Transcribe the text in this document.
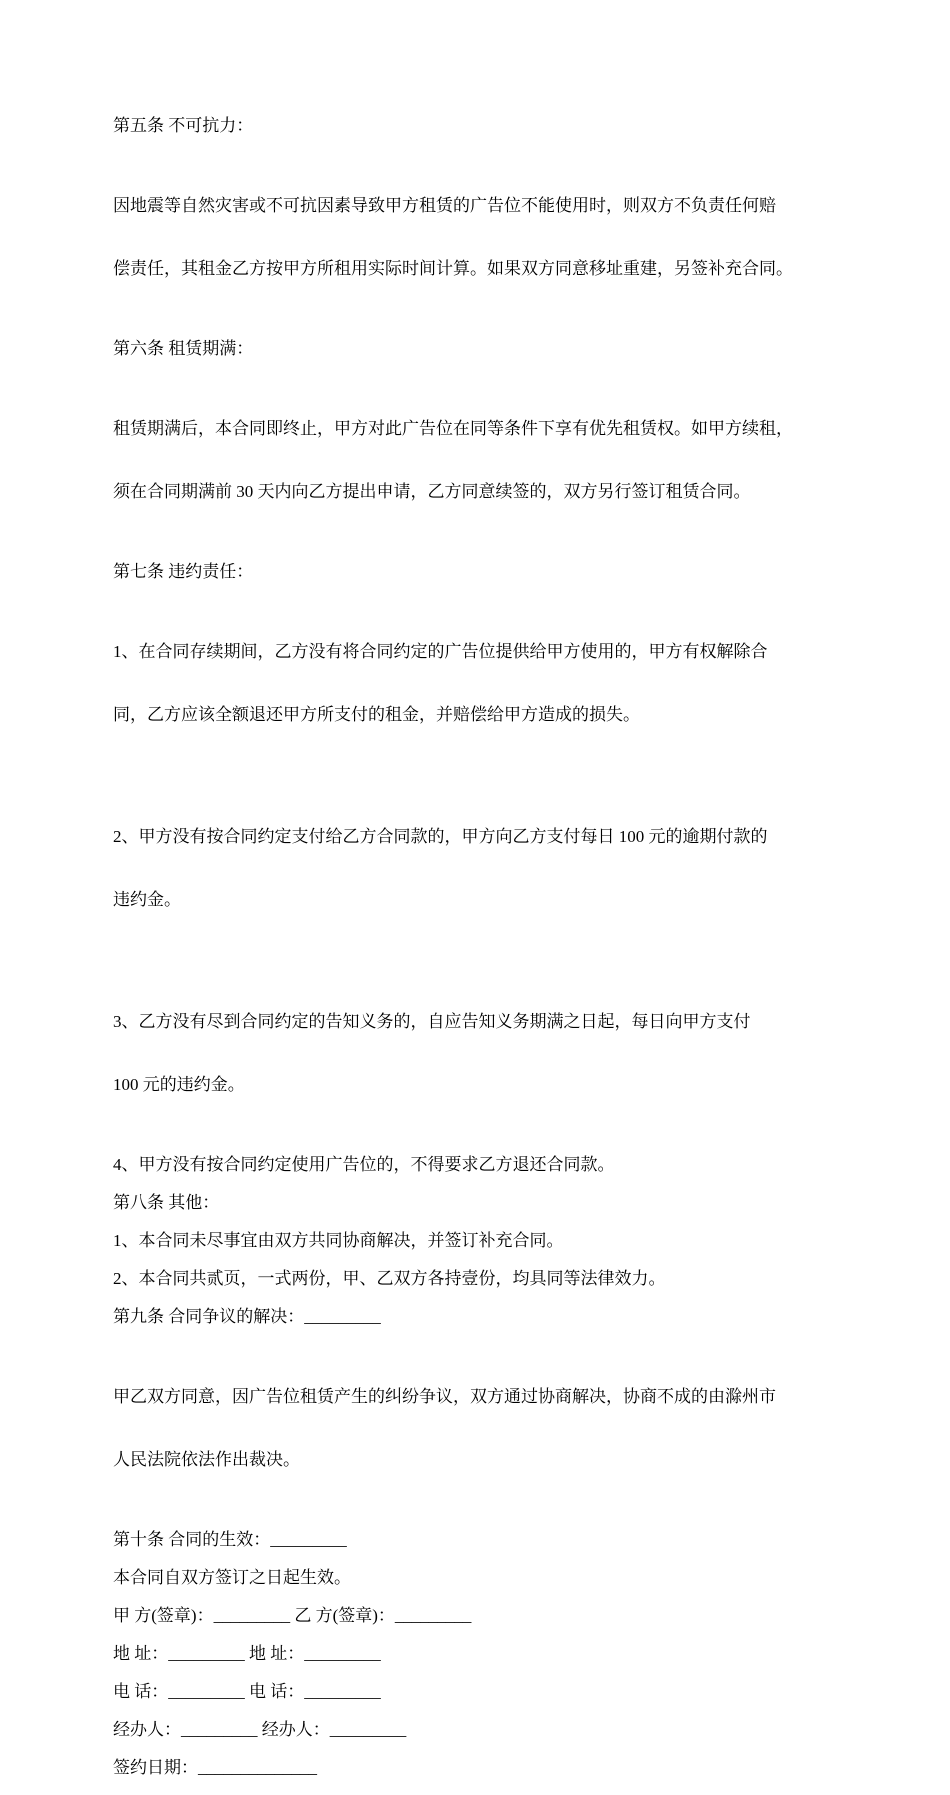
第五条 不可抗力：

因地震等自然灾害或不可抗因素导致甲方租赁的广告位不能使用时，则双方不负责任何赔

偿责任，其租金乙方按甲方所租用实际时间计算。如果双方同意移址重建，另签补充合同。

第六条 租赁期满：

租赁期满后，本合同即终止，甲方对此广告位在同等条件下享有优先租赁权。如甲方续租，

须在合同期满前 30 天内向乙方提出申请，乙方同意续签的，双方另行签订租赁合同。

第七条 违约责任：

1、在合同存续期间，乙方没有将合同约定的广告位提供给甲方使用的，甲方有权解除合

同，乙方应该全额退还甲方所支付的租金，并赔偿给甲方造成的损失。

2、甲方没有按合同约定支付给乙方合同款的，甲方向乙方支付每日 100 元的逾期付款的

违约金。

3、乙方没有尽到合同约定的告知义务的，自应告知义务期满之日起，每日向甲方支付

100 元的违约金。

4、甲方没有按合同约定使用广告位的，不得要求乙方退还合同款。

第八条 其他：

1、本合同未尽事宜由双方共同协商解决，并签订补充合同。

2、本合同共贰页，一式两份，甲、乙双方各持壹份，均具同等法律效力。

第九条 合同争议的解决：_________

甲乙双方同意，因广告位租赁产生的纠纷争议，双方通过协商解决，协商不成的由滁州市

人民法院依法作出裁决。

第十条 合同的生效：_________

本合同自双方签订之日起生效。

甲 方(签章)：_________ 乙 方(签章)：_________

地 址：_________ 地 址：_________

电 话：_________ 电 话：_________

经办人：_________ 经办人：_________

签约日期：______________
